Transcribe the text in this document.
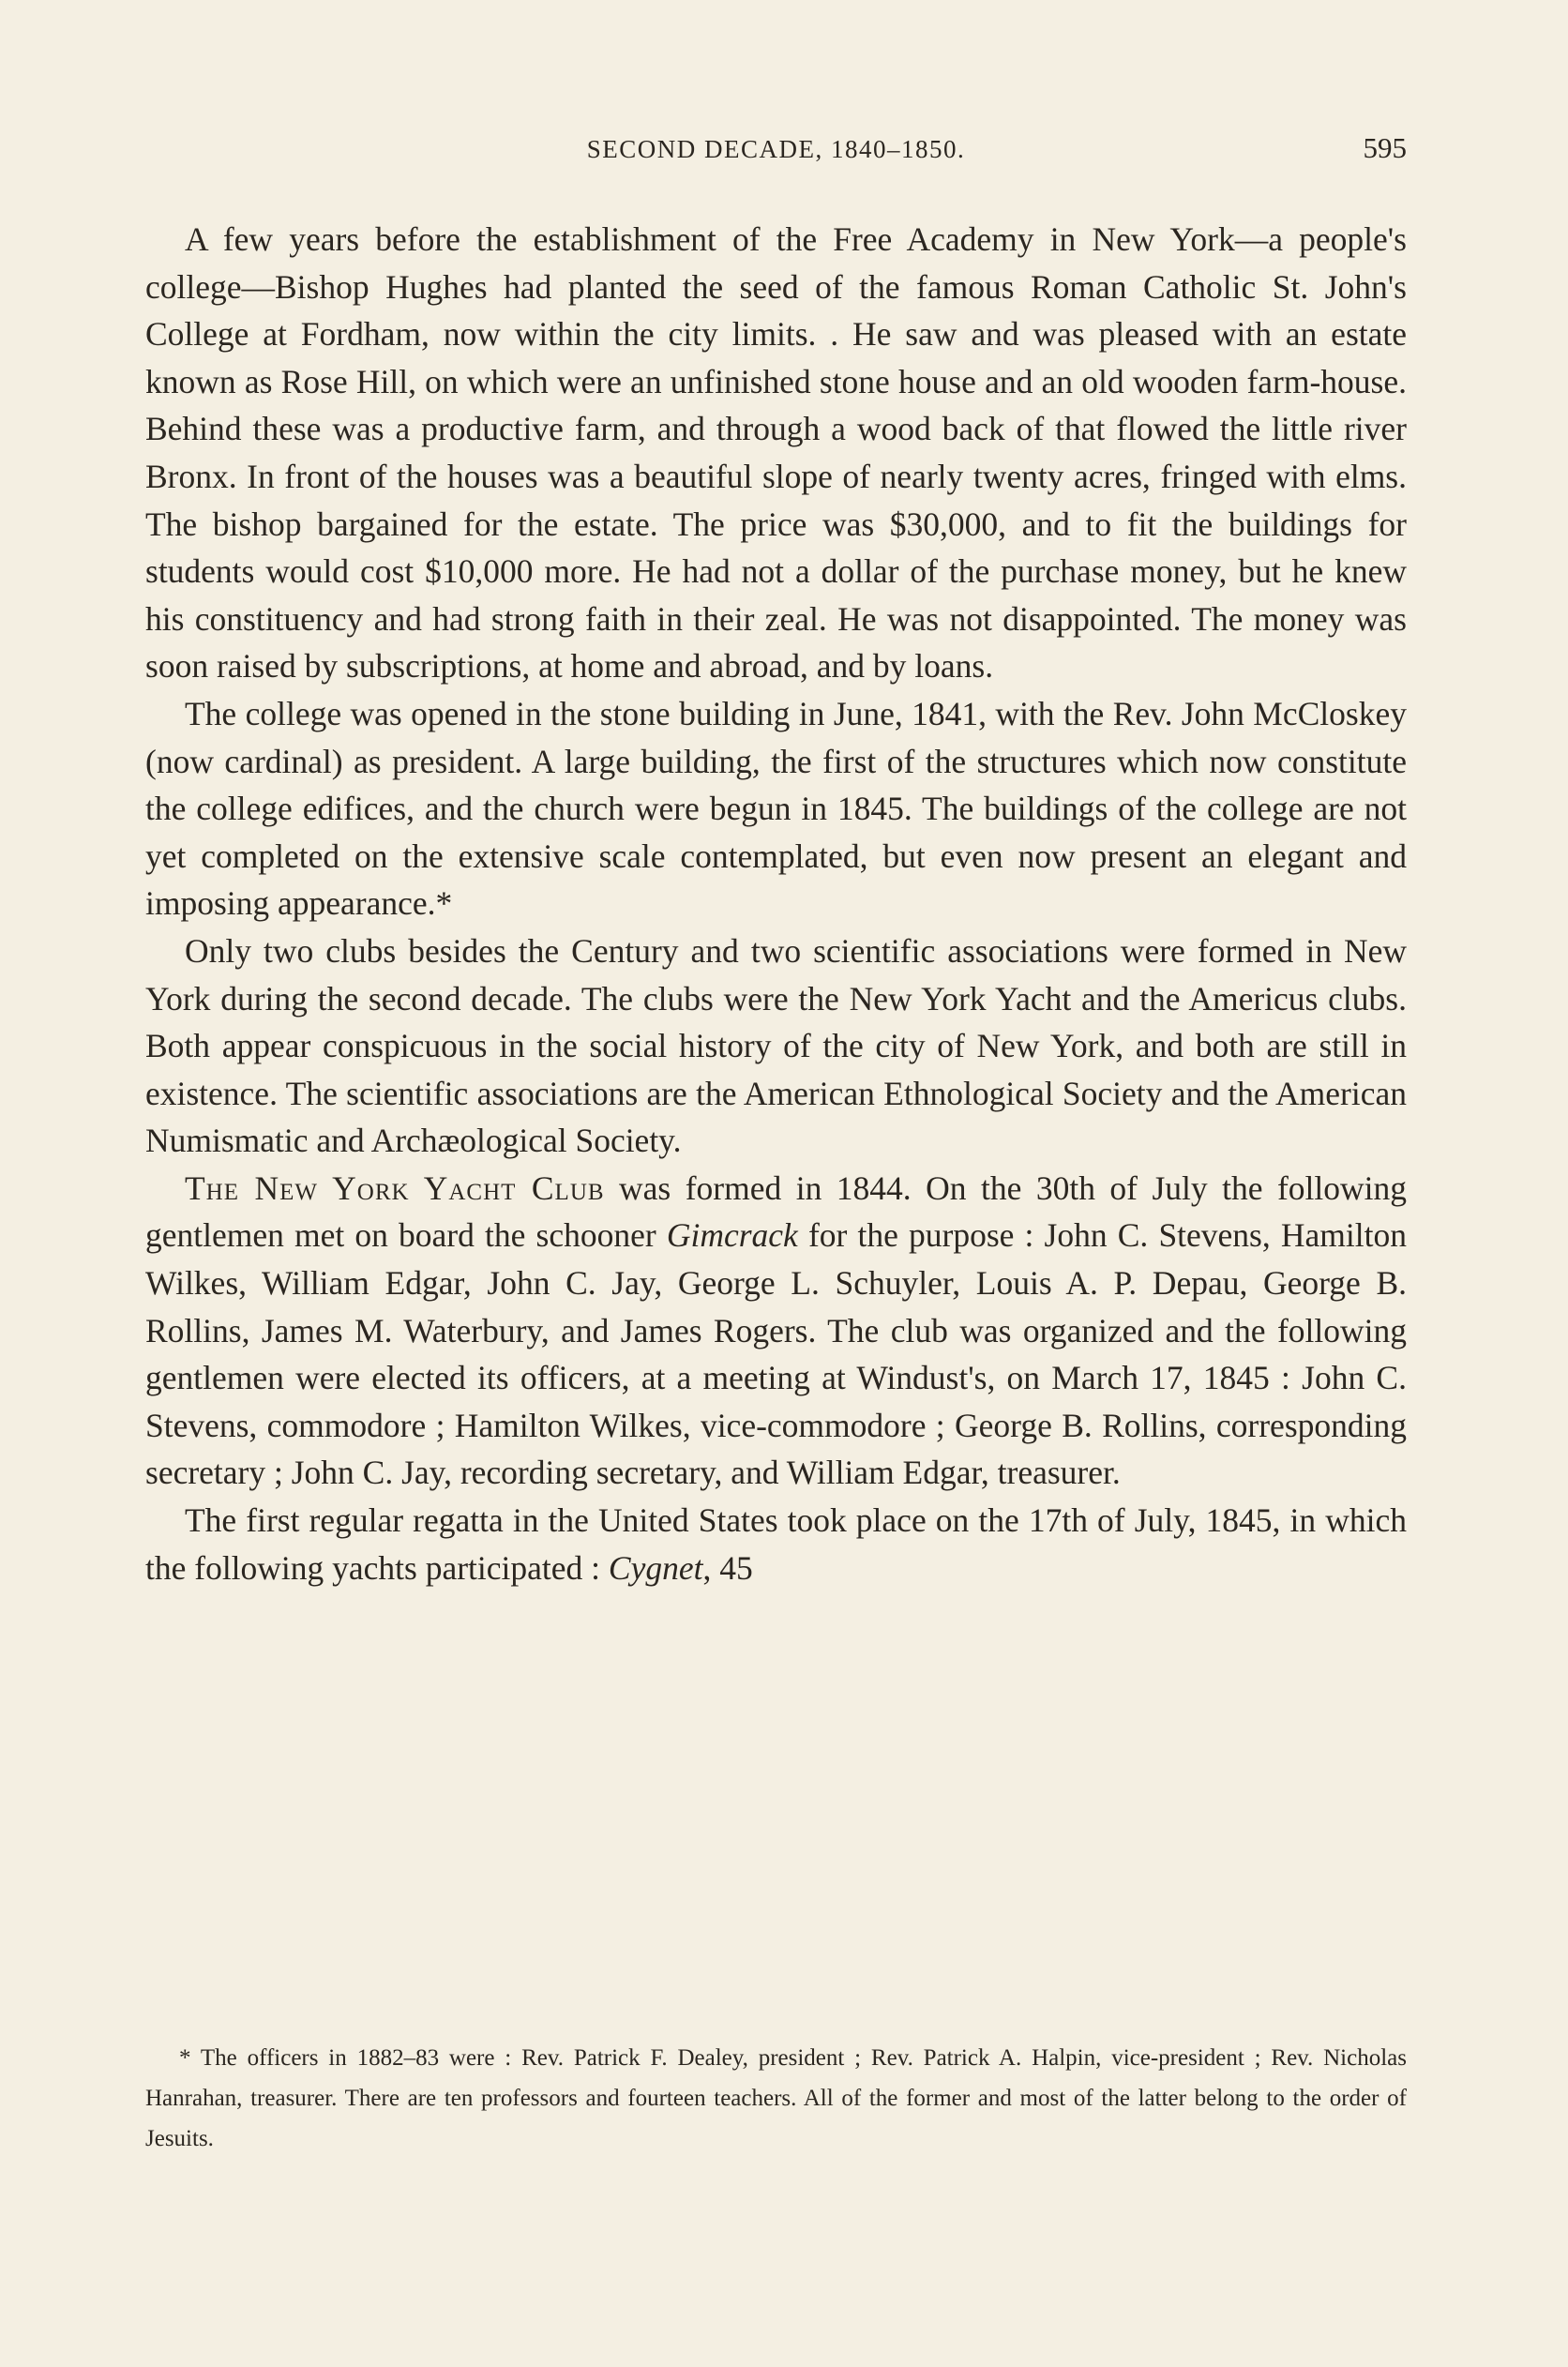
SECOND DECADE, 1840–1850.	595

A few years before the establishment of the Free Academy in New York—a people's college—Bishop Hughes had planted the seed of the famous Roman Catholic St. John's College at Fordham, now within the city limits. . He saw and was pleased with an estate known as Rose Hill, on which were an unfinished stone house and an old wooden farm-house. Behind these was a productive farm, and through a wood back of that flowed the little river Bronx. In front of the houses was a beautiful slope of nearly twenty acres, fringed with elms. The bishop bargained for the estate. The price was $30,000, and to fit the buildings for students would cost $10,000 more. He had not a dollar of the purchase money, but he knew his constituency and had strong faith in their zeal. He was not disappointed. The money was soon raised by subscriptions, at home and abroad, and by loans.

The college was opened in the stone building in June, 1841, with the Rev. John McCloskey (now cardinal) as president. A large building, the first of the structures which now constitute the college edifices, and the church were begun in 1845. The buildings of the college are not yet completed on the extensive scale contemplated, but even now present an elegant and imposing appearance.*

Only two clubs besides the Century and two scientific associations were formed in New York during the second decade. The clubs were the New York Yacht and the Americus clubs. Both appear conspicuous in the social history of the city of New York, and both are still in existence. The scientific associations are the American Ethnological Society and the American Numismatic and Archæological Society.

The New York Yacht Club was formed in 1844. On the 30th of July the following gentlemen met on board the schooner Gimcrack for the purpose : John C. Stevens, Hamilton Wilkes, William Edgar, John C. Jay, George L. Schuyler, Louis A. P. Depau, George B. Rollins, James M. Waterbury, and James Rogers. The club was organized and the following gentlemen were elected its officers, at a meeting at Windust's, on March 17, 1845 : John C. Stevens, commodore ; Hamilton Wilkes, vice-commodore ; George B. Rollins, corresponding secretary ; John C. Jay, recording secretary, and William Edgar, treasurer.

The first regular regatta in the United States took place on the 17th of July, 1845, in which the following yachts participated : Cygnet, 45

* The officers in 1882–83 were : Rev. Patrick F. Dealey, president ; Rev. Patrick A. Halpin, vice-president ; Rev. Nicholas Hanrahan, treasurer. There are ten professors and fourteen teachers. All of the former and most of the latter belong to the order of Jesuits.
